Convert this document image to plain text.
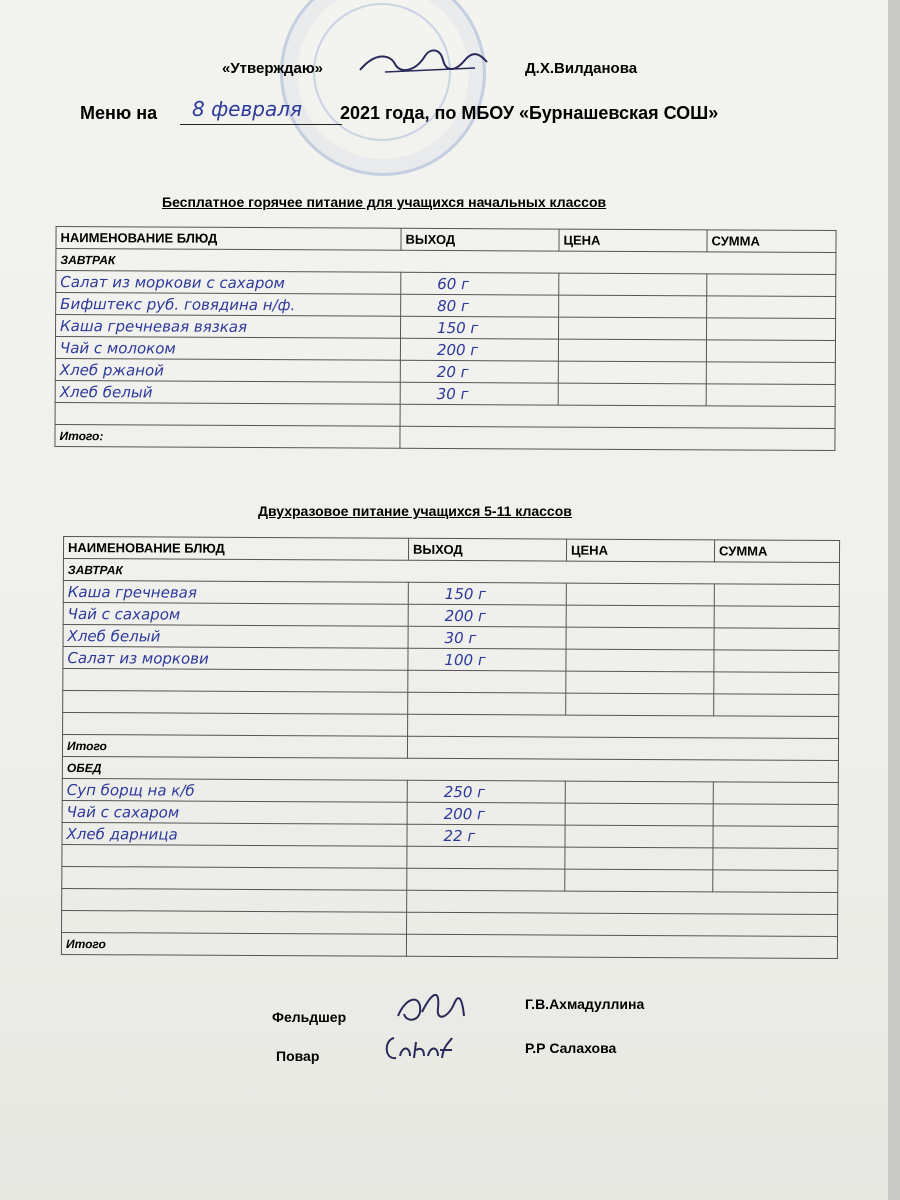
«Утверждаю»	Д.Х.Вилданова
Меню на 8 февраля 2021 года, по МБОУ «Бурнашевская СОШ»
Бесплатное горячее питание для учащихся начальных классов
НАИМЕНОВАНИЕ БЛЮД	ВЫХОД	ЦЕНА	СУММА
ЗАВТРАК			
Салат из моркови с сахаром	60 г		
Бифштекс руб. говядина н/ф.	80 г		
Каша гречневая вязкая	150 г		
Чай с молоком	200 г		
Хлеб ржаной	20 г		
Хлеб белый	30 г		

Итого:			
Двухразовое питание учащихся 5-11 классов
НАИМЕНОВАНИЕ БЛЮД	ВЫХОД	ЦЕНА	СУММА
ЗАВТРАК			
Каша гречневая	150 г		
Чай с сахаром	200 г		
Хлеб белый	30 г		
Салат из моркови	100 г		

Итого			
ОБЕД			
Суп борщ на к/б	250 г		
Чай с сахаром	200 г		
Хлеб дарница	22 г		

Итого			
Фельдшер
Г.В.Ахмадуллина
Повар	Р.Р Салахова
